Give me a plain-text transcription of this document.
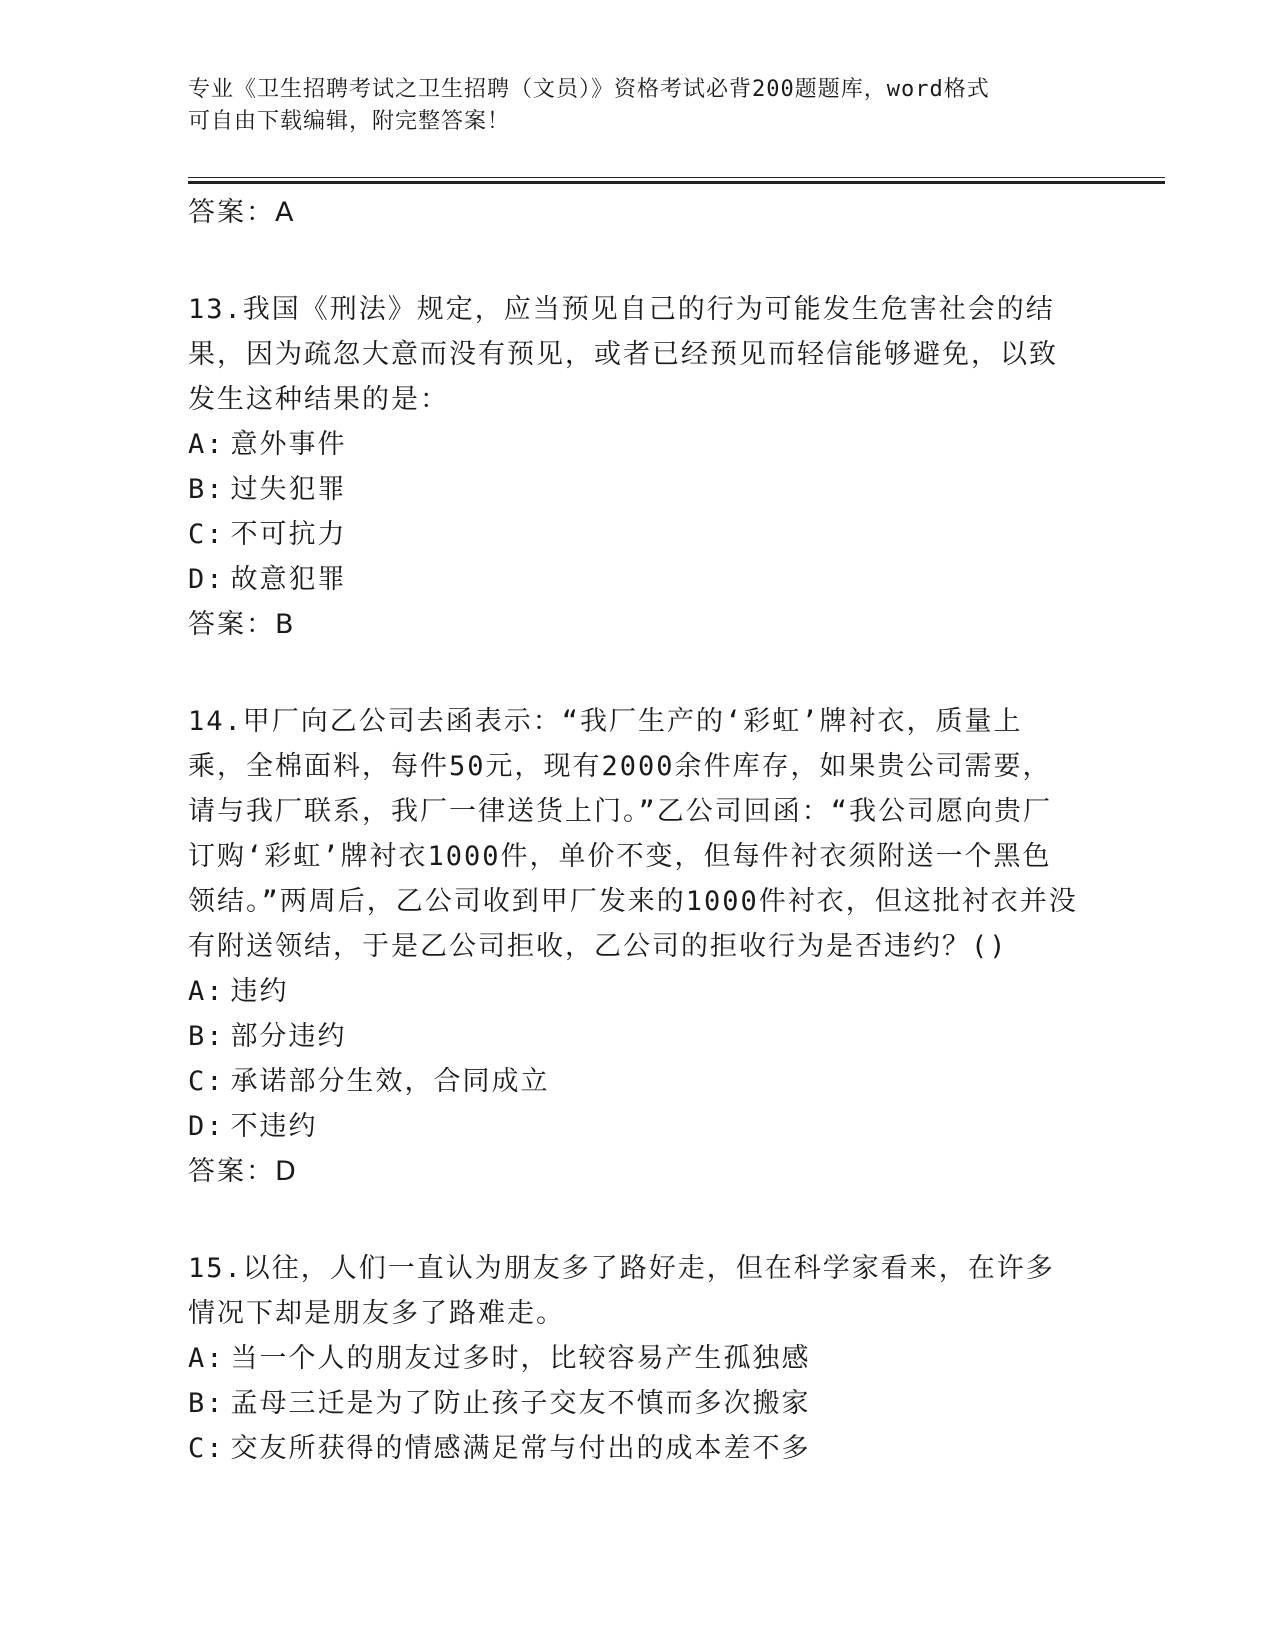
专业《卫生招聘考试之卫生招聘（文员）》资格考试必背200题题库，word格式
可自由下载编辑，附完整答案！

答案：A

13.我国《刑法》规定，应当预见自己的行为可能发生危害社会的结果，因为疏忽大意而没有预见，或者已经预见而轻信能够避免，以致发生这种结果的是：

A: 意外事件

B: 过失犯罪

C: 不可抗力

D: 故意犯罪

答案：B

14.甲厂向乙公司去函表示：“我厂生产的‘彩虹’牌衬衣，质量上乘，全棉面料，每件50元，现有2000余件库存，如果贵公司需要，请与我厂联系，我厂一律送货上门。”乙公司回函：“我公司愿向贵厂订购‘彩虹’牌衬衣1000件，单价不变，但每件衬衣须附送一个黑色领结。”两周后，乙公司收到甲厂发来的1000件衬衣，但这批衬衣并没有附送领结，于是乙公司拒收，乙公司的拒收行为是否违约？()

A: 违约

B: 部分违约

C: 承诺部分生效，合同成立

D: 不违约

答案：D

15.以往，人们一直认为朋友多了路好走，但在科学家看来，在许多情况下却是朋友多了路难走。

A: 当一个人的朋友过多时，比较容易产生孤独感

B: 孟母三迁是为了防止孩子交友不慎而多次搬家

C: 交友所获得的情感满足常与付出的成本差不多
